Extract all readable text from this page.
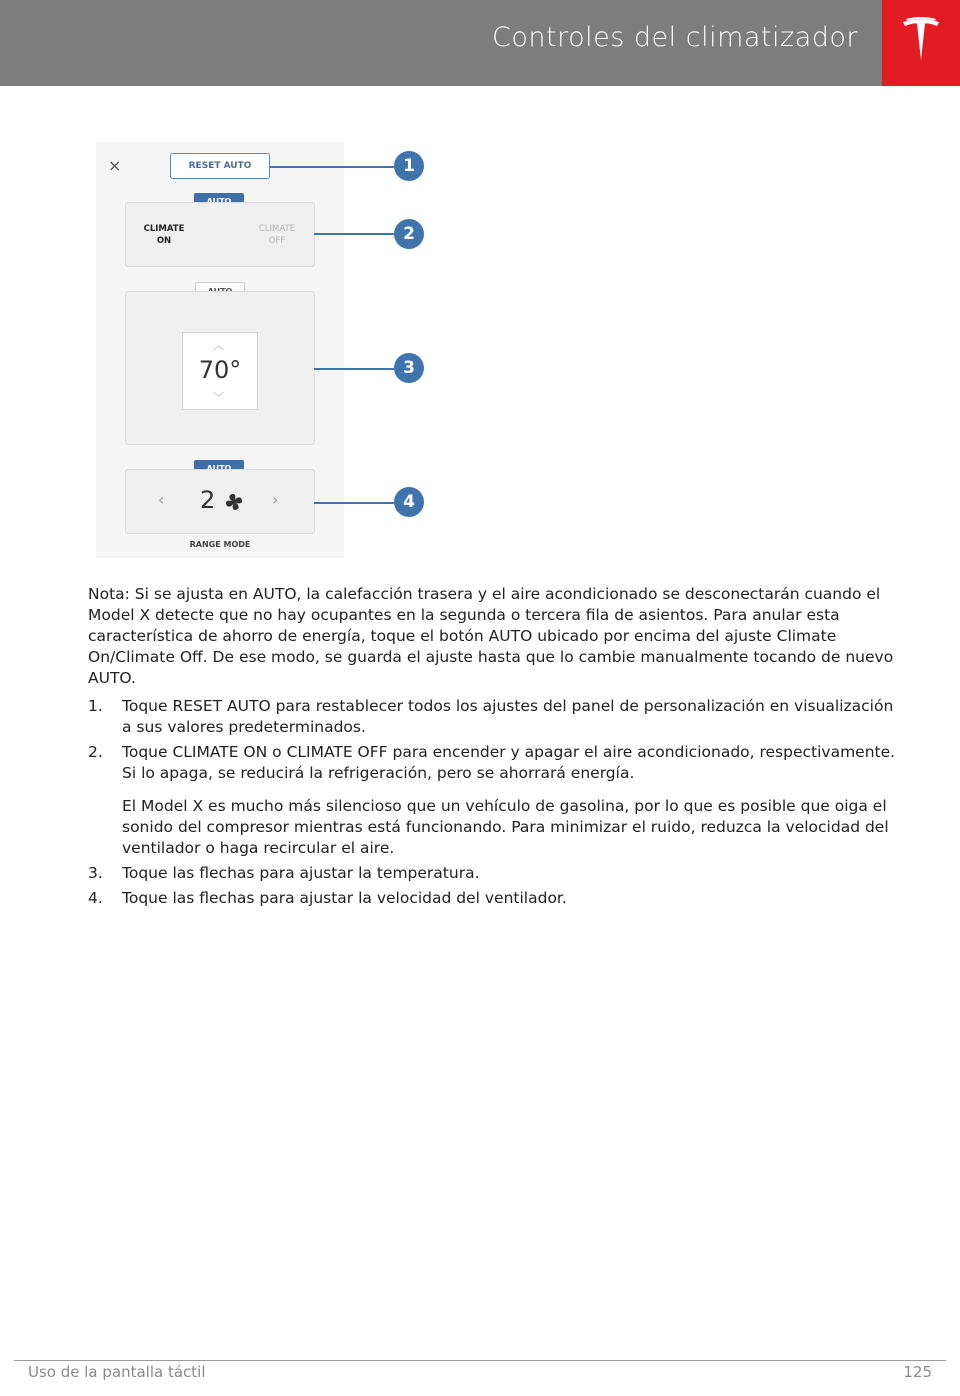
Controles del climatizador
×	RESET AUTO
CLIMATE ON
CLIMATE OFF
︿
70°
﹀
‹ 2	›
RANGE MODE
1
2
3
4
Nota: Si se ajusta en AUTO, la calefacción trasera y el aire acondicionado se desconectarán cuando el Model X detecte que no hay ocupantes en la segunda o tercera fila de asientos. Para anular esta característica de ahorro de energía, toque el botón AUTO ubicado por encima del ajuste Climate On/Climate Off. De ese modo, se guarda el ajuste hasta que lo cambie manualmente tocando de nuevo AUTO.
1. Toque RESET AUTO para restablecer todos los ajustes del panel de personalización en visualización a sus valores predeterminados.
2. Toque CLIMATE ON o CLIMATE OFF para encender y apagar el aire acondicionado, respectivamente. Si lo apaga, se reducirá la refrigeración, pero se ahorrará energía.
El Model X es mucho más silencioso que un vehículo de gasolina, por lo que es posible que oiga el sonido del compresor mientras está funcionando. Para minimizar el ruido, reduzca la velocidad del ventilador o haga recircular el aire.
3. Toque las flechas para ajustar la temperatura.
4. Toque las flechas para ajustar la velocidad del ventilador.
Uso de la pantalla táctil	125
